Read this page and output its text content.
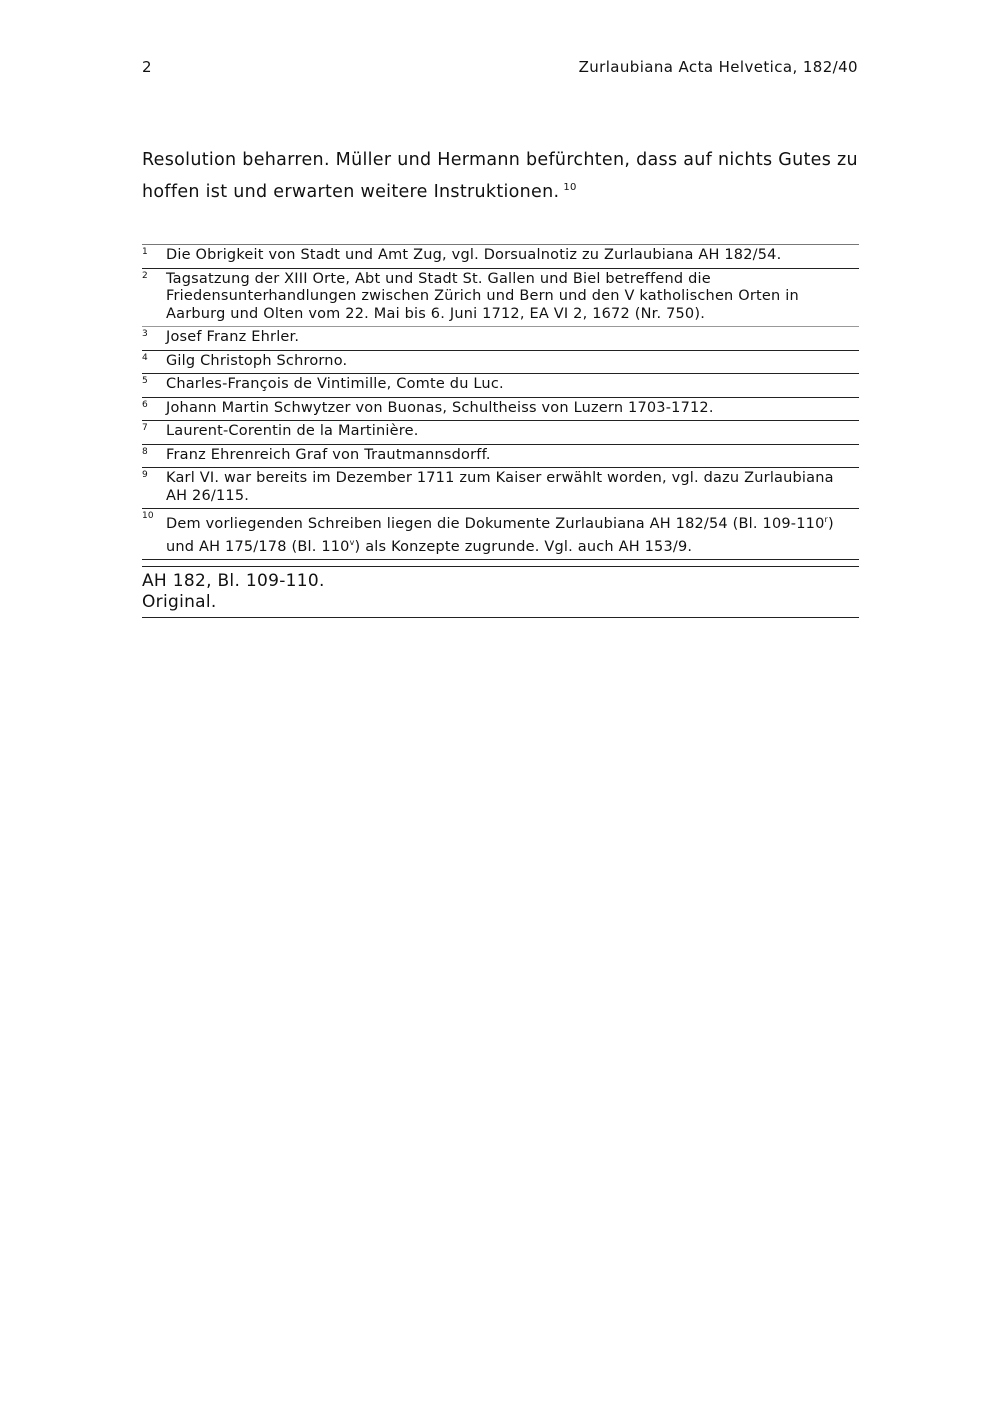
2	Zurlaubiana Acta Helvetica, 182/40
Resolution beharren. Müller und Hermann befürchten, dass auf nichts Gutes zu
hoffen ist und erwarten weitere Instruktionen. $^{10}$
1	Die Obrigkeit von Stadt und Amt Zug, vgl. Dorsualnotiz zu Zurlaubiana AH 182/54.
2	Tagsatzung der XIII Orte, Abt und Stadt St. Gallen und Biel betreffend die Friedensunterhandlungen zwischen Zürich und Bern und den V katholischen Orten in Aarburg und Olten vom 22. Mai bis 6. Juni 1712, EA VI 2, 1672 (Nr. 750).
3	Josef Franz Ehrler.
4	Gilg Christoph Schrorno.
5	Charles-François de Vintimille, Comte du Luc.
6	Johann Martin Schwytzer von Buonas, Schultheiss von Luzern 1703-1712.
7	Laurent-Corentin de la Martinière.
8	Franz Ehrenreich Graf von Trautmannsdorff.
9	Karl VI. war bereits im Dezember 1711 zum Kaiser erwählt worden, vgl. dazu Zurlaubiana AH 26/115.
10 Dem vorliegenden Schreiben liegen die Dokumente Zurlaubiana AH 182/54 (Bl. 109-110$^r$) und AH 175/178 (Bl. 110$^v$) als Konzepte zugrunde. Vgl. auch AH 153/9.
AH 182, Bl. 109-110.
Original.
